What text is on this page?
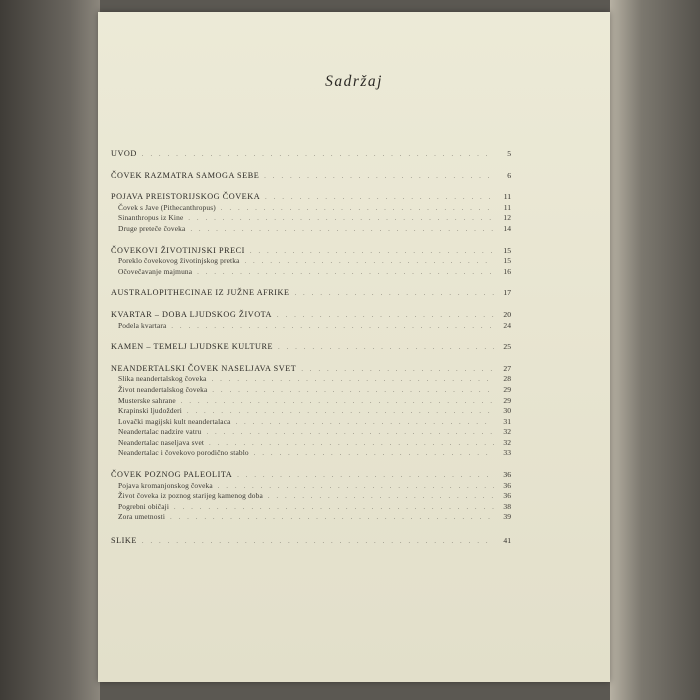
Sadržaj
UVOD . . .	5
ČOVEK RAZMATRA SAMOGA SEBE . . .	6
POJAVA PREISTORIJSKOG ČOVEKA . . .	11
Čovek s Jave (Pithecanthropus) . . .	11
Sinanthropus iz Kine . . .	12
Druge preteče čoveka . . .	14
ČOVEKOVI ŽIVOTINJSKI PRECI . . .	15
Poreklo čovekovog životinjskog pretka . . .	15
Očovečavanje majmuna . . .	16
AUSTRALOPITHECINAE IZ JUŽNE AFRIKE . . .	17
KVARTAR – DOBA LJUDSKOG ŽIVOTA . . .	20
Podela kvartara . . .	24
KAMEN – TEMELJ LJUDSKE KULTURE . . .	25
NEANDERTALSKI ČOVEK NASELJAVA SVET . . .	27
Slika neandertalskog čoveka . . .	28
Život neandertalskog čoveka . . .	29
Musterske sahrane . . .	29
Krapinski ljudožderi . . .	30
Lovački magijski kult neandertalaca . . .	31
Neandertalac nadzire vatru . . .	32
Neandertalac naseljava svet . . .	32
Neandertalac i čovekovo porodično stablo . . .	33
ČOVEK POZNOG PALEOLITA . . .	36
Pojava kromanjonskog čoveka . . .	36
Život čoveka iz poznog starijeg kamenog doba . . .	36
Pogrebni običaji . . .	38
Zora umetnosti . . .	39
SLIKE . . .	41
